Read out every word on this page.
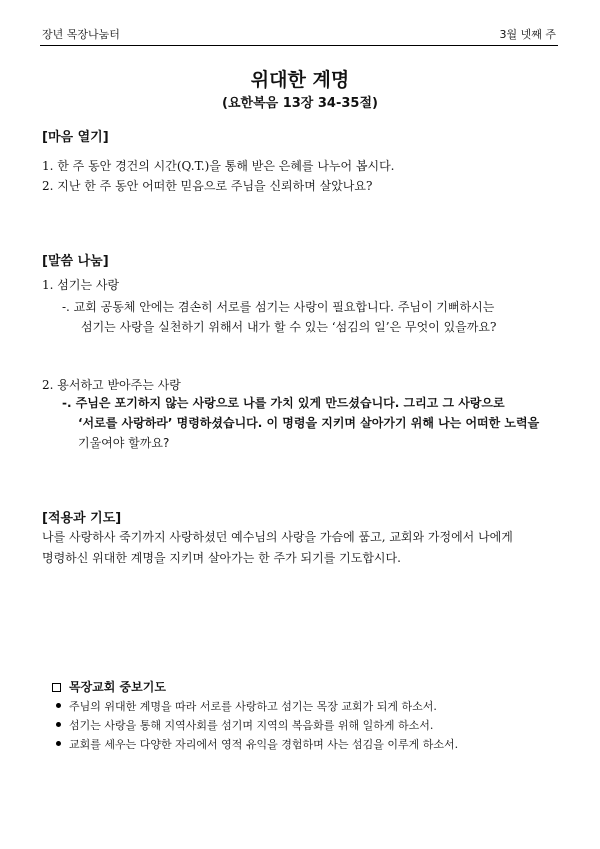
장년 목장나눔터	3월 넷째 주
위대한 계명
(요한복음 13장 34-35절)
[마음 열기]
1. 한 주 동안 경건의 시간(Q.T.)을 통해 받은 은혜를 나누어 봅시다.
2. 지난 한 주 동안 어떠한 믿음으로 주님을 신뢰하며 살았나요?
[말씀 나눔]
1. 섬기는 사랑
-. 교회 공동체 안에는 겸손히 서로를 섬기는 사랑이 필요합니다. 주님이 기뻐하시는
섬기는 사랑을 실천하기 위해서 내가 할 수 있는 ‘섬김의 일’은 무엇이 있을까요?
2. 용서하고 받아주는 사랑
-. 주님은 포기하지 않는 사랑으로 나를 가치 있게 만드셨습니다. 그리고 그 사랑으로
‘서로를 사랑하라’ 명령하셨습니다. 이 명령을 지키며 살아가기 위해 나는 어떠한 노력을
기울여야 할까요?
[적용과 기도]
나를 사랑하사 죽기까지 사랑하셨던 예수님의 사랑을 가슴에 품고, 교회와 가정에서 나에게
명령하신 위대한 계명을 지키며 살아가는 한 주가 되기를 기도합시다.
목장교회 중보기도
주님의 위대한 계명을 따라 서로를 사랑하고 섬기는 목장 교회가 되게 하소서.
섬기는 사랑을 통해 지역사회를 섬기며 지역의 복음화를 위해 일하게 하소서.
교회를 세우는 다양한 자리에서 영적 유익을 경험하며 사는 섬김을 이루게 하소서.
